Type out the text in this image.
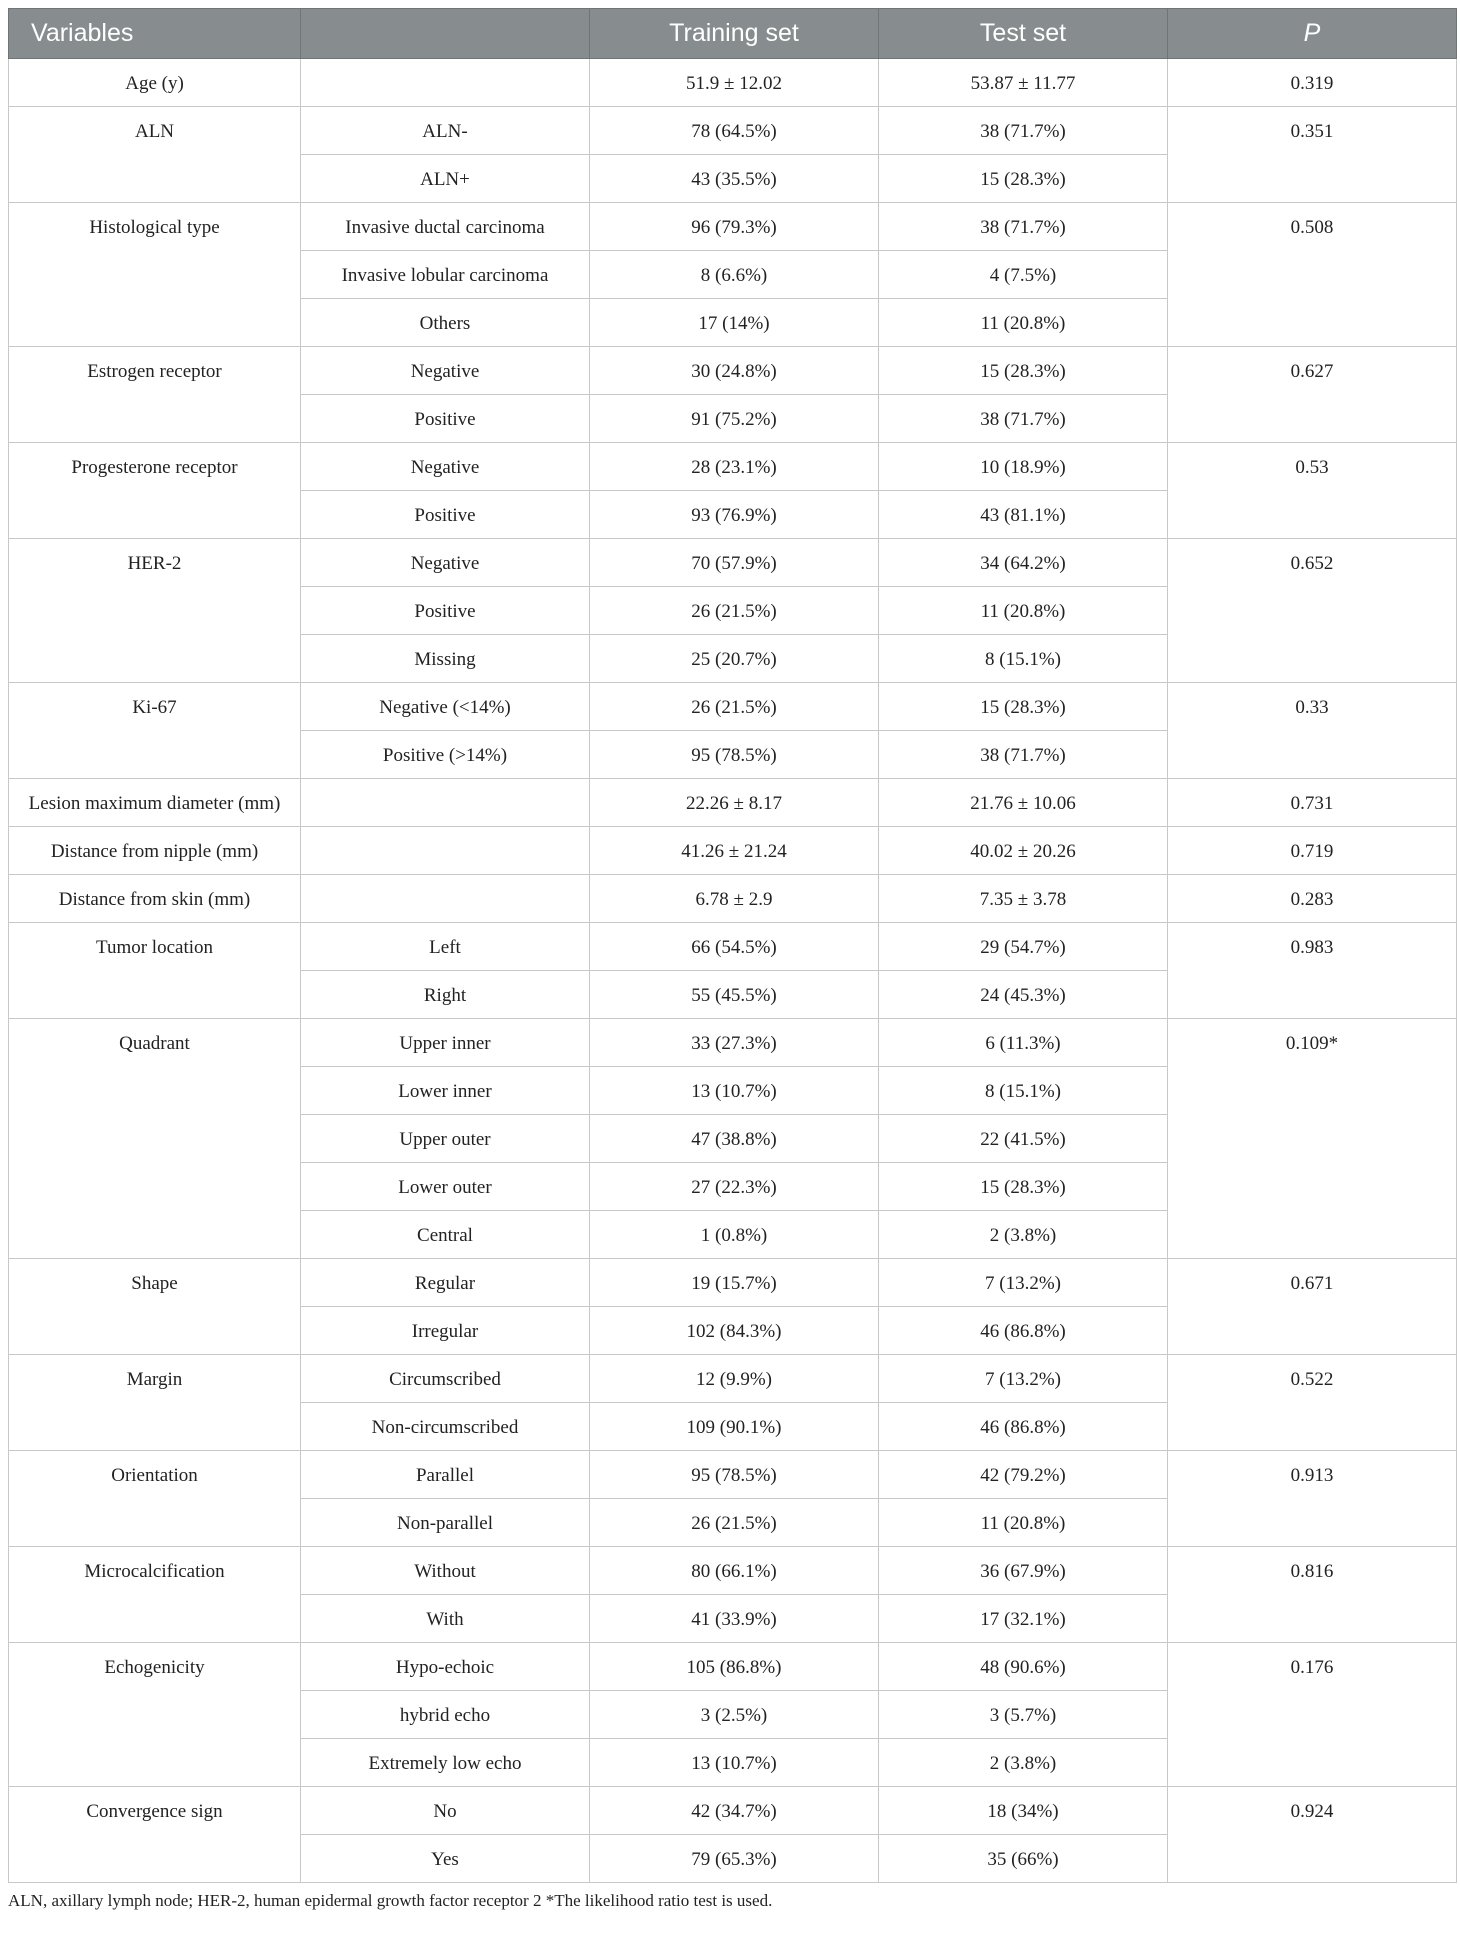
Variables		Training set	Test set	P
Age (y)		51.9 ± 12.02	53.87 ± 11.77	0.319
ALN	ALN-	78 (64.5%)	38 (71.7%)	0.351
	ALN+	43 (35.5%)	15 (28.3%)	
Histological type	Invasive ductal carcinoma	96 (79.3%)	38 (71.7%)	0.508
	Invasive lobular carcinoma	8 (6.6%)	4 (7.5%)	
	Others	17 (14%)	11 (20.8%)	
Estrogen receptor	Negative	30 (24.8%)	15 (28.3%)	0.627
	Positive	91 (75.2%)	38 (71.7%)	
Progesterone receptor	Negative	28 (23.1%)	10 (18.9%)	0.53
	Positive	93 (76.9%)	43 (81.1%)	
HER-2	Negative	70 (57.9%)	34 (64.2%)	0.652
	Positive	26 (21.5%)	11 (20.8%)	
	Missing	25 (20.7%)	8 (15.1%)	
Ki-67	Negative (<14%)	26 (21.5%)	15 (28.3%)	0.33
	Positive (>14%)	95 (78.5%)	38 (71.7%)	
Lesion maximum diameter (mm)		22.26 ± 8.17	21.76 ± 10.06	0.731
Distance from nipple (mm)		41.26 ± 21.24	40.02 ± 20.26	0.719
Distance from skin (mm)		6.78 ± 2.9	7.35 ± 3.78	0.283
Tumor location	Left	66 (54.5%)	29 (54.7%)	0.983
	Right	55 (45.5%)	24 (45.3%)	
Quadrant	Upper inner	33 (27.3%)	6 (11.3%)	0.109*
	Lower inner	13 (10.7%)	8 (15.1%)	
	Upper outer	47 (38.8%)	22 (41.5%)	
	Lower outer	27 (22.3%)	15 (28.3%)	
	Central	1 (0.8%)	2 (3.8%)	
Shape	Regular	19 (15.7%)	7 (13.2%)	0.671
	Irregular	102 (84.3%)	46 (86.8%)	
Margin	Circumscribed	12 (9.9%)	7 (13.2%)	0.522
	Non-circumscribed	109 (90.1%)	46 (86.8%)	
Orientation	Parallel	95 (78.5%)	42 (79.2%)	0.913
	Non-parallel	26 (21.5%)	11 (20.8%)	
Microcalcification	Without	80 (66.1%)	36 (67.9%)	0.816
	With	41 (33.9%)	17 (32.1%)	
Echogenicity	Hypo-echoic	105 (86.8%)	48 (90.6%)	0.176
	hybrid echo	3 (2.5%)	3 (5.7%)	
	Extremely low echo	13 (10.7%)	2 (3.8%)	
Convergence sign	No	42 (34.7%)	18 (34%)	0.924
	Yes	79 (65.3%)	35 (66%)	
ALN, axillary lymph node; HER-2, human epidermal growth factor receptor 2 *The likelihood ratio test is used.
